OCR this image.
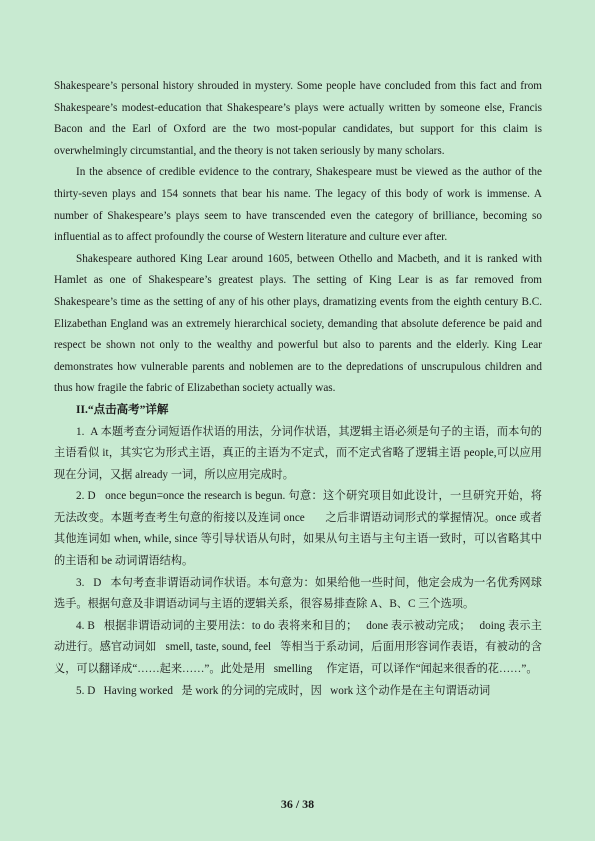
Shakespeare’s personal history shrouded in mystery. Some people have concluded from this fact and from Shakespeare’s modest-education that Shakespeare’s plays were actually written by someone else, Francis Bacon and the Earl of Oxford are the two most-popular candidates, but support for this claim is overwhelmingly circumstantial, and the theory is not taken seriously by many scholars.

In the absence of credible evidence to the contrary, Shakespeare must be viewed as the author of the thirty-seven plays and 154 sonnets that bear his name. The legacy of this body of work is immense. A number of Shakespeare’s plays seem to have transcended even the category of brilliance, becoming so influential as to affect profoundly the course of Western literature and culture ever after.

Shakespeare authored King Lear around 1605, between Othello and Macbeth, and it is ranked with Hamlet as one of Shakespeare’s greatest plays. The setting of King Lear is as far removed from Shakespeare’s time as the setting of any of his other plays, dramatizing events from the eighth century B.C. Elizabethan England was an extremely hierarchical society, demanding that absolute deference be paid and respect be shown not only to the wealthy and powerful but also to parents and the elderly. King Lear demonstrates how vulnerable parents and noblemen are to the depredations of unscrupulous children and thus how fragile the fabric of Elizabethan society actually was.

II.“点击高考”详解

1.  A 本题考查分词短语作状语的用法，分词作状语，其逻辑主语必须是句子的主语，而本句的主语看似 it，其实它为形式主语，真正的主语为不定式，而不定式省略了逻辑主语 people,可以应用现在分词，又据 already 一词，所以应用完成时。

2. D   once begun=once the research is begun. 句意：这个研究项目如此设计，一旦研究开始，将无法改变。本题考查考生句意的衔接以及连词 once       之后非谓语动词形式的掌握情况。once 或者其他连词如 when, while, since 等引导状语从句时，如果从句主语与主句主语一致时，可以省略其中的主语和 be 动词谓语结构。

3.   D   本句考查非谓语动词作状语。本句意为：如果给他一些时间，他定会成为一名优秀网球选手。根据句意及非谓语动词与主语的逻辑关系，很容易排查除 A、B、C 三个选项。

4. B   根据非谓语动词的主要用法：to do 表将来和目的；   done 表示被动完成；   doing 表示主动进行。感官动词如   smell, taste, sound, feel   等相当于系动词，后面用形容词作表语，有被动的含义，可以翻译成“……起来……”。此处是用   smelling     作定语，可以译作“闻起来很香的花……”。

5. D   Having worked   是 work 的分词的完成时，因   work 这个动作是在主句谓语动词

36 / 38
